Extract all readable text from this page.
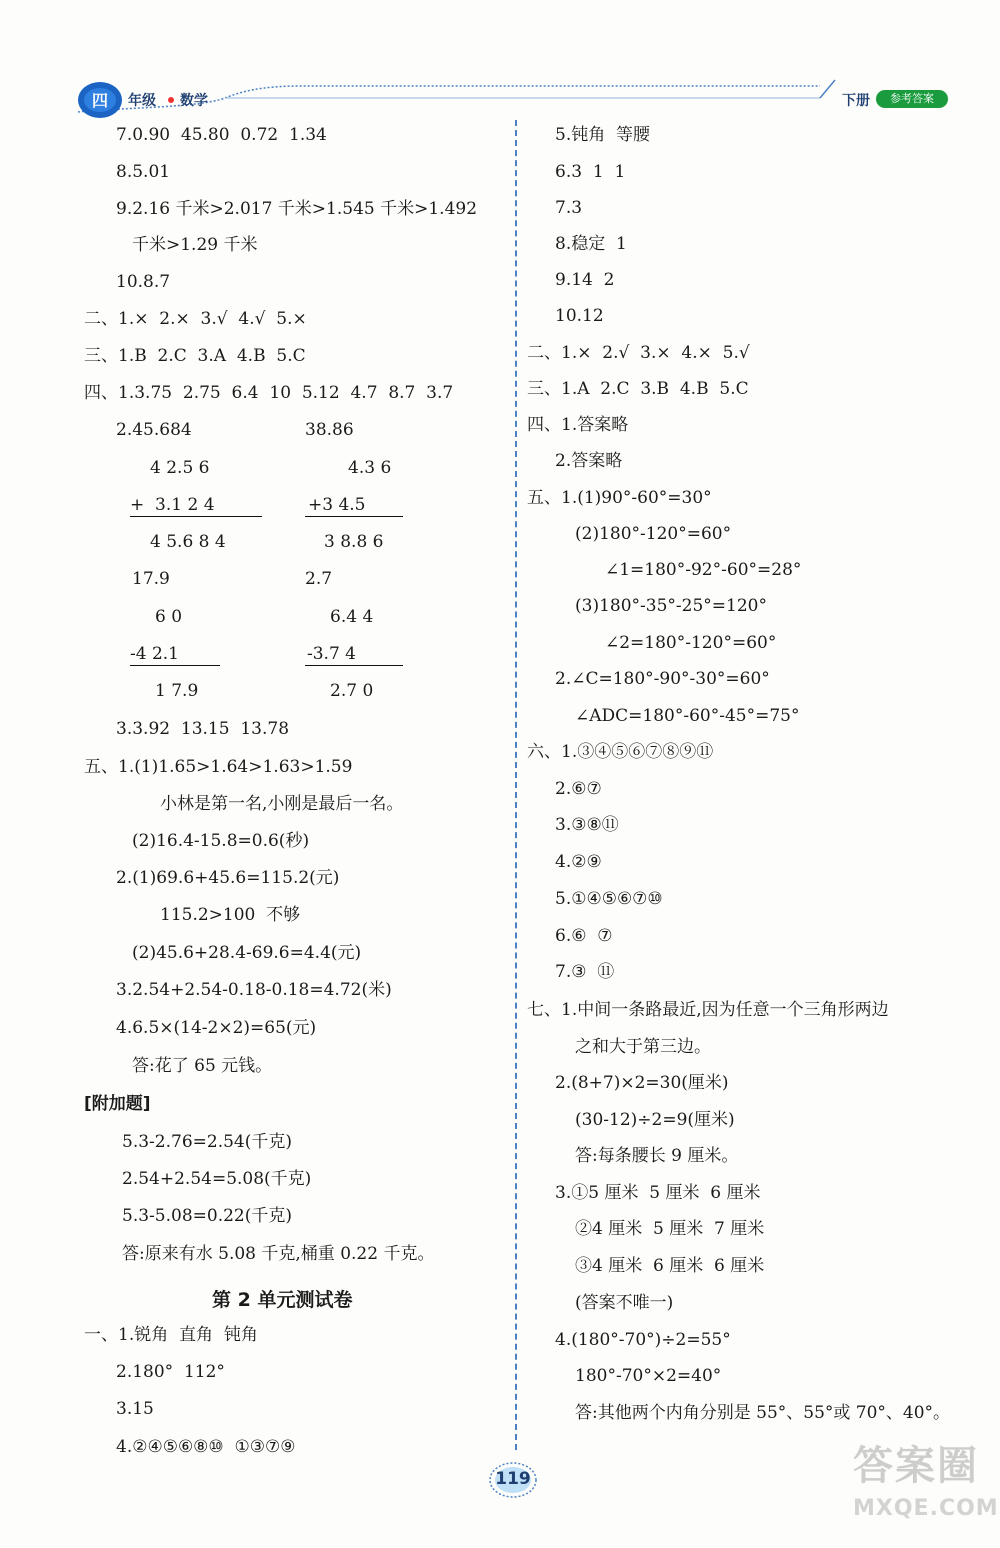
四 年级 数学	下册	参考答案
7.0.90  45.80  0.72  1.34
8.5.01
9.2.16 千米>2.017 千米>1.545 千米>1.492
千米>1.29 千米
10.8.7
二、1.×  2.×  3.√  4.√  5.×
三、1.B  2.C  3.A  4.B  5.C
四、1.3.75  2.75  6.4  10  5.12  4.7  8.7  3.7
2.45.684	38.86
4 2.5 6	4.3 6
+  3.1 2 4	+3 4.5
4 5.6 8 4	3 8.8 6
17.9	2.7
6 0	6.4 4
-4 2.1	-3.7 4
1 7.9	2.7 0
3.3.92  13.15  13.78
五、1.(1)1.65>1.64>1.63>1.59
小林是第一名,小刚是最后一名。
(2)16.4-15.8=0.6(秒)
2.(1)69.6+45.6=115.2(元)
115.2>100  不够
(2)45.6+28.4-69.6=4.4(元)
3.2.54+2.54-0.18-0.18=4.72(米)
4.6.5×(14-2×2)=65(元)
答:花了 65 元钱。
[附加题]
5.3-2.76=2.54(千克)
2.54+2.54=5.08(千克)
5.3-5.08=0.22(千克)
答:原来有水 5.08 千克,桶重 0.22 千克。
第 2 单元测试卷
一、1.锐角  直角  钝角
2.180°  112°
3.15
4.②④⑤⑥⑧⑩  ①③⑦⑨
5.钝角  等腰
6.3  1  1
7.3
8.稳定  1
9.14  2
10.12
二、1.×  2.√  3.×  4.×  5.√
三、1.A  2.C  3.B  4.B  5.C
四、1.答案略
2.答案略
五、1.(1)90°-60°=30°
(2)180°-120°=60°
∠1=180°-92°-60°=28°
(3)180°-35°-25°=120°
∠2=180°-120°=60°
2.∠C=180°-90°-30°=60°
∠ADC=180°-60°-45°=75°
六、1.③④⑤⑥⑦⑧⑨⑪
2.⑥⑦
3.③⑧⑪
4.②⑨
5.①④⑤⑥⑦⑩
6.⑥  ⑦
7.③  ⑪
七、1.中间一条路最近,因为任意一个三角形两边
之和大于第三边。
2.(8+7)×2=30(厘米)
(30-12)÷2=9(厘米)
答:每条腰长 9 厘米。
3.①5 厘米  5 厘米  6 厘米
②4 厘米  5 厘米  7 厘米
③4 厘米  6 厘米  6 厘米
(答案不唯一)
4.(180°-70°)÷2=55°
180°-70°×2=40°
答:其他两个内角分别是 55°、55°或 70°、40°。
119	答案圈
MXQE.COM
